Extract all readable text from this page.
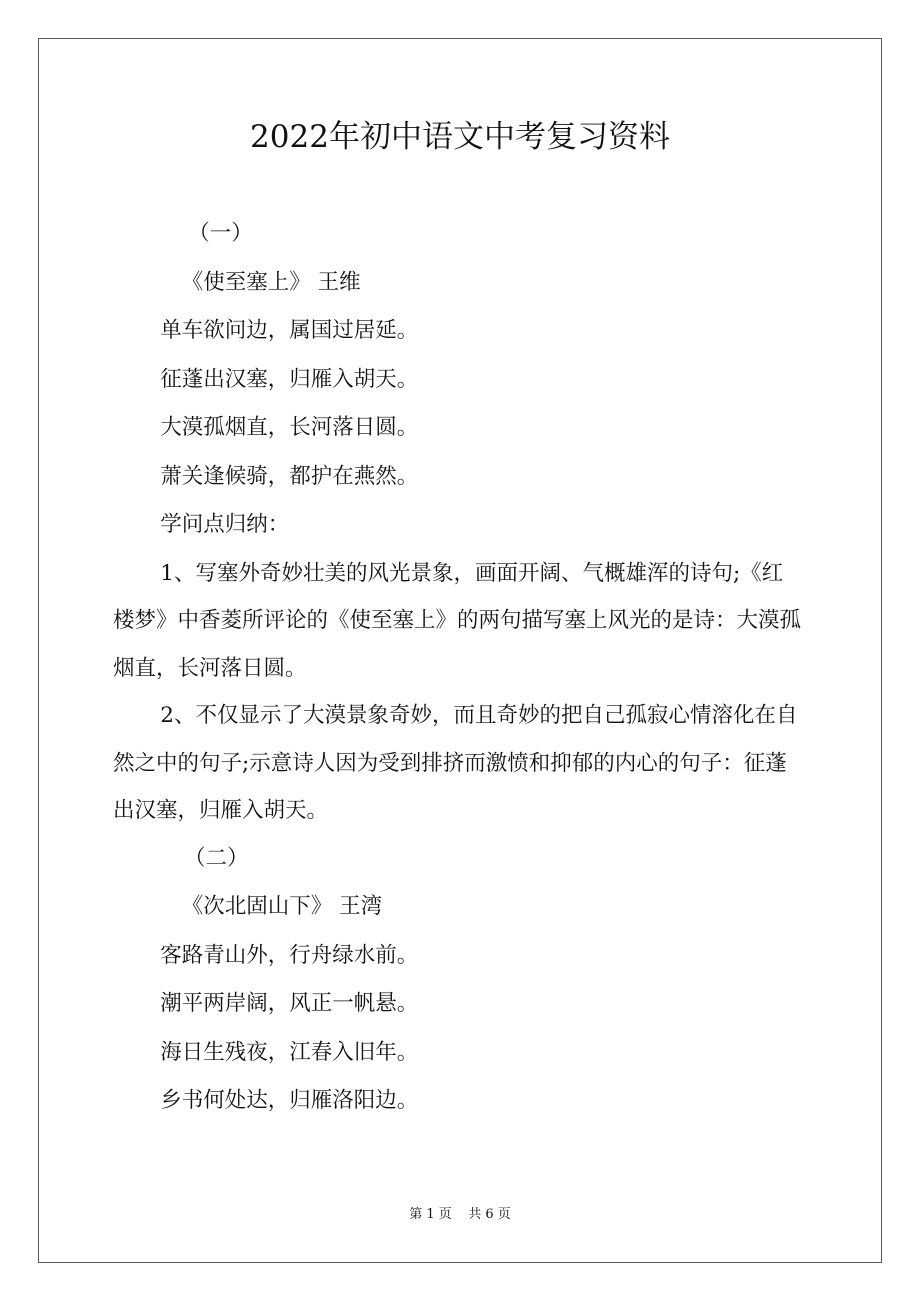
2022年初中语文中考复习资料

（一）

《使至塞上》 王维

单车欲问边，属国过居延。

征蓬出汉塞，归雁入胡天。

大漠孤烟直，长河落日圆。

萧关逢候骑，都护在燕然。

学问点归纳：

1、写塞外奇妙壮美的风光景象，画面开阔、气概雄浑的诗句;《红楼梦》中香菱所评论的《使至塞上》的两句描写塞上风光的是诗：大漠孤烟直，长河落日圆。

2、不仅显示了大漠景象奇妙，而且奇妙的把自己孤寂心情溶化在自然之中的句子;示意诗人因为受到排挤而激愤和抑郁的内心的句子：征蓬出汉塞，归雁入胡天。

（二）

《次北固山下》 王湾

客路青山外，行舟绿水前。

潮平两岸阔，风正一帆悬。

海日生残夜，江春入旧年。

乡书何处达，归雁洛阳边。

第 1 页    共 6 页
